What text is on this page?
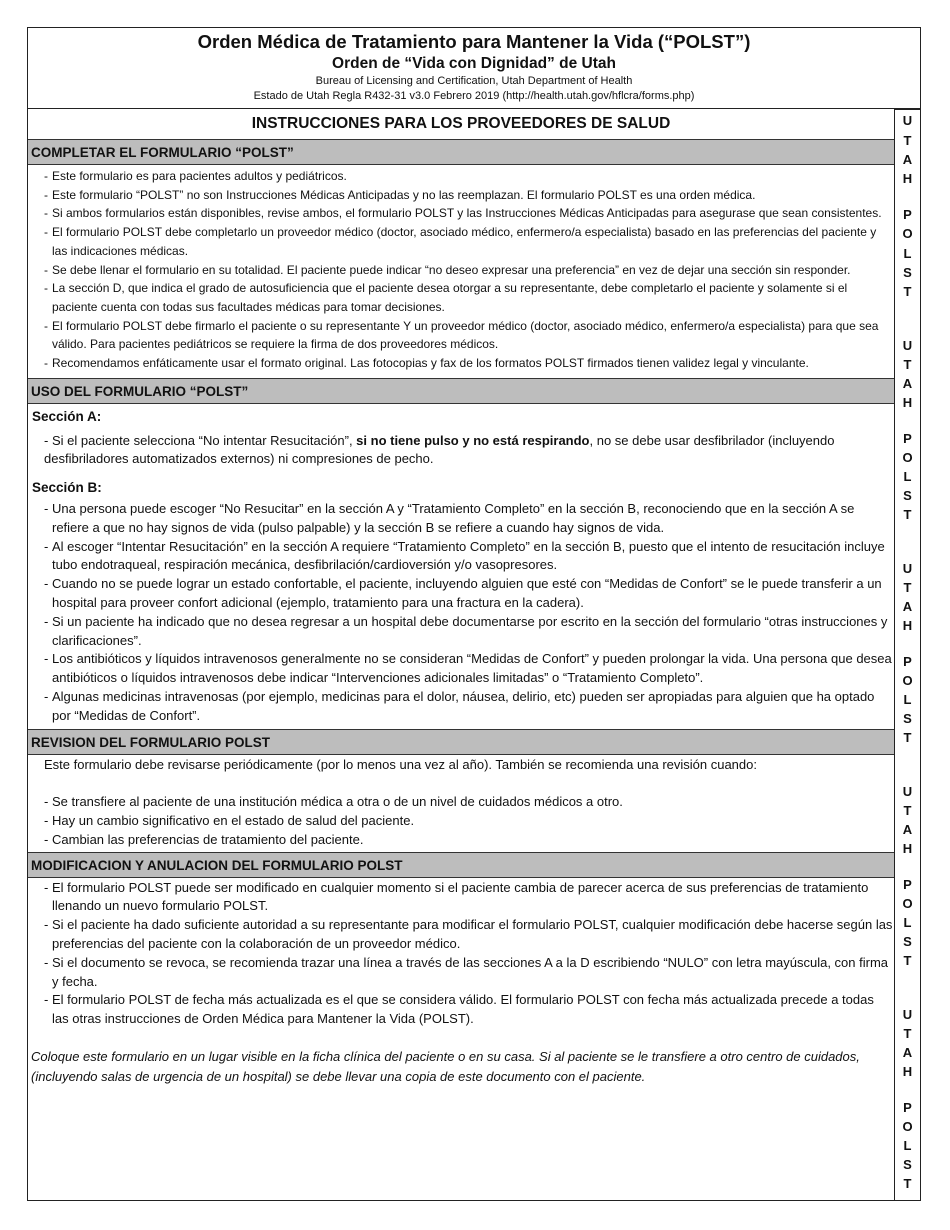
Orden Médica de Tratamiento para Mantener la Vida (“POLST”)
Orden de “Vida con Dignidad” de Utah
Bureau of Licensing and Certification, Utah Department of Health
Estado de Utah Regla R432-31 v3.0 Febrero 2019 (http://health.utah.gov/hflcra/forms.php)
INSTRUCCIONES PARA LOS PROVEEDORES DE SALUD
COMPLETAR EL FORMULARIO “POLST”
- Este formulario es para pacientes adultos y pediátricos.
- Este formulario “POLST” no son Instrucciones Médicas Anticipadas y no las reemplazan. El formulario POLST es una orden médica.
- Si ambos formularios están disponibles, revise ambos, el formulario POLST y las Instrucciones Médicas Anticipadas para asegurase que sean consistentes.
- El formulario POLST debe completarlo un proveedor médico (doctor, asociado médico, enfermero/a especialista) basado en las preferencias del paciente y las indicaciones médicas.
- Se debe llenar el formulario en su totalidad. El paciente puede indicar “no deseo expresar una preferencia” en vez de dejar una sección sin responder.
- La sección D, que indica el grado de autosuficiencia que el paciente desea otorgar a su representante, debe completarlo el paciente y solamente si el paciente cuenta con todas sus facultades médicas para tomar decisiones.
- El formulario POLST debe firmarlo el paciente o su representante Y un proveedor médico (doctor, asociado médico, enfermero/a especialista) para que sea válido. Para pacientes pediátricos se requiere la firma de dos proveedores médicos.
- Recomendamos enfáticamente usar el formato original. Las fotocopias y fax de los formatos POLST firmados tienen validez legal y vinculante.
USO DEL FORMULARIO “POLST”
Sección A:
- Si el paciente selecciona “No intentar Resucitación”, si no tiene pulso y no está respirando, no se debe usar desfibrilador (incluyendo desfibriladores automatizados externos) ni compresiones de pecho.
Sección B:
- Una persona puede escoger “No Resucitar” en la sección A y “Tratamiento Completo” en la sección B, reconociendo que en la sección A se refiere a que no hay signos de vida (pulso palpable) y la sección B se refiere a cuando hay signos de vida.
- Al escoger “Intentar Resucitación” en la sección A requiere “Tratamiento Completo” en la sección B, puesto que el intento de resucitación incluye tubo endotraqueal, respiración mecánica, desfibrilación/cardioversión y/o vasopresores.
- Cuando no se puede lograr un estado confortable, el paciente, incluyendo alguien que esté con “Medidas de Confort” se le puede transferir a un hospital para proveer confort adicional (ejemplo, tratamiento para una fractura en la cadera).
- Si un paciente ha indicado que no desea regresar a un hospital debe documentarse por escrito en la sección del formulario “otras instrucciones y clarificaciones”.
- Los antibióticos y líquidos intravenosos generalmente no se consideran “Medidas de Confort” y pueden prolongar la vida. Una persona que desea antibióticos o líquidos intravenosos debe indicar “Intervenciones adicionales limitadas” o “Tratamiento Completo”.
- Algunas medicinas intravenosas (por ejemplo, medicinas para el dolor, náusea, delirio, etc) pueden ser apropiadas para alguien que ha optado por “Medidas de Confort”.
REVISION DEL FORMULARIO POLST
Este formulario debe revisarse periódicamente (por lo menos una vez al año). También se recomienda una revisión cuando:
- Se transfiere al paciente de una institución médica a otra o de un nivel de cuidados médicos a otro.
- Hay un cambio significativo en el estado de salud del paciente.
- Cambian las preferencias de tratamiento del paciente.
MODIFICACION Y ANULACION DEL FORMULARIO POLST
- El formulario POLST puede ser modificado en cualquier momento si el paciente cambia de parecer acerca de sus preferencias de tratamiento llenando un nuevo formulario POLST.
- Si el paciente ha dado suficiente autoridad a su representante para modificar el formulario POLST, cualquier modificación debe hacerse según las preferencias del paciente con la colaboración de un proveedor médico.
- Si el documento se revoca, se recomienda trazar una línea a través de las secciones A a la D escribiendo “NULO” con letra mayúscula, con firma y fecha.
- El formulario POLST de fecha más actualizada es el que se considera válido. El formulario POLST con fecha más actualizada precede a todas las otras instrucciones de Orden Médica para Mantener la Vida (POLST).
Coloque este formulario en un lugar visible en la ficha clínica del paciente o en su casa. Si al paciente se le transfiere a otro centro de cuidados, (incluyendo salas de urgencia de un hospital) se debe llevar una copia de este documento con el paciente.
U
T
A
H
P
O
L
S
T
U
T
A
H
P
O
L
S
T
U
T
A
H
P
O
L
S
T
U
T
A
H
P
O
L
S
T
U
T
A
H
P
O
L
S
T
